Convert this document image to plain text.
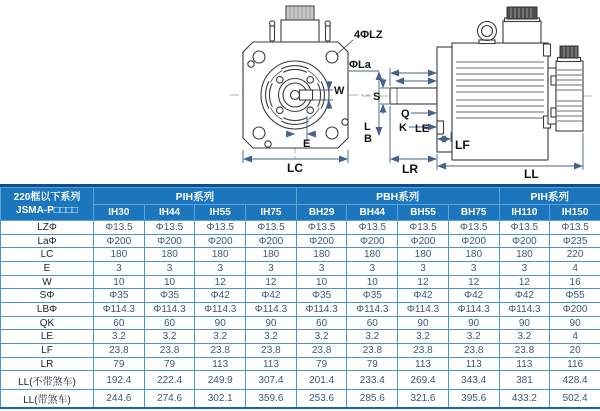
W
E
LC
4ΦLZ
ΦLa
S
Q
K
L
B
LE
LF
LR	LL
220框以下系列
JSMA-P□□□□	PIH系列				PBH系列				PIH系列	
	IH30	IH44	IH55	IH75	BH29	BH44	BH55	BH75	IH110	IH150
LZΦ	Φ13.5	Φ13.5	Φ13.5	Φ13.5	Φ13.5	Φ13.5	Φ13.5	Φ13.5	Φ13.5	Φ13.5
LaΦ	Φ200	Φ200	Φ200	Φ200	Φ200	Φ200	Φ200	Φ200	Φ200	Φ235
LC	180	180	180	180	180	180	180	180	180	220
E	3	3	3	3	3	3	3	3	3	4
W	10	10	12	12	10	10	12	12	12	16
SΦ	Φ35	Φ35	Φ42	Φ42	Φ35	Φ35	Φ42	Φ42	Φ42	Φ55
LBΦ	Φ114.3	Φ114.3	Φ114.3	Φ114.3	Φ114.3	Φ114.3	Φ114.3	Φ114.3	Φ114.3	Φ200
QK	60	60	90	90	60	60	90	90	90	90
LE	3.2	3.2	3.2	3.2	3.2	3.2	3.2	3.2	3.2	4
LF	23.8	23.8	23.8	23.8	23.8	23.8	23.8	23.8	23.8	20
LR	79	79	113	113	79	79	113	113	113	116
LL(不带煞车)	192.4	222.4	249.9	307.4	201.4	233.4	269.4	343.4	381	428.4
LL(带煞车)	244.6	274.6	302.1	359.6	253.6	285.6	321.6	395.6	433.2	502.4
